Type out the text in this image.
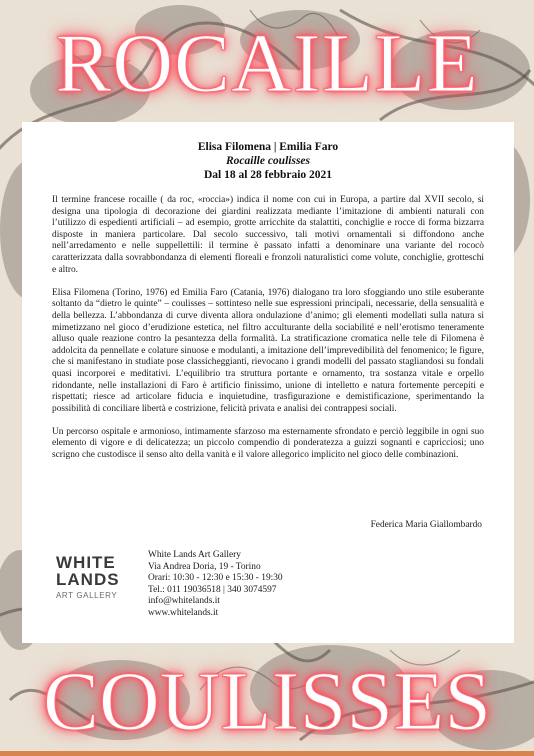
ROCAILLE
Elisa Filomena | Emilia Faro
Rocaille coulisses
Dal 18 al 28 febbraio 2021

Il termine francese rocaille ( da roc, «roccia») indica il nome con cui in Europa, a partire dal XVII secolo, si designa una tipologia di decorazione dei giardini realizzata mediante l’imitazione di ambienti naturali con l’utilizzo di espedienti artificiali – ad esempio, grotte arricchite da stalattiti, conchiglie e rocce di forma bizzarra disposte in maniera particolare. Dal secolo successivo, tali motivi ornamentali si diffondono anche nell’arredamento e nelle suppellettili: il termine è passato infatti a denominare una variante del rococò caratterizzata dalla sovrabbondanza di elementi floreali e fronzoli naturalistici come volute, conchiglie, grotteschi e altro.

Elisa Filomena (Torino, 1976) ed Emilia Faro (Catania, 1976) dialogano tra loro sfoggiando uno stile esuberante soltanto da “dietro le quinte” – coulisses – sottinteso nelle sue espressioni principali, necessarie, della sensualità e della bellezza. L’abbondanza di curve diventa allora ondulazione d’animo; gli elementi modellati sulla natura si mimetizzano nel gioco d’erudizione estetica, nel filtro acculturante della sociabilité e nell’erotismo teneramente alluso quale reazione contro la pesantezza della formalità. La stratificazione cromatica nelle tele di Filomena è addolcita da pennellate e colature sinuose e modulanti, a imitazione dell’imprevedibilità del fenomenico; le figure, che si manifestano in studiate pose classicheggianti, rievocano i grandi modelli del passato stagliandosi su fondali quasi incorporei e meditativi. L’equilibrio tra struttura portante e ornamento, tra sostanza vitale e orpello ridondante, nelle installazioni di Faro è artificio finissimo, unione di intelletto e natura fortemente percepiti e rispettati; riesce ad articolare fiducia e inquietudine, trasfigurazione e demistificazione, sperimentando la possibilità di conciliare libertà e costrizione, felicità privata e analisi dei contrappesi sociali.

Un percorso ospitale e armonioso, intimamente sfarzoso ma esternamente sfrondato e perciò leggibile in ogni suo elemento di vigore e di delicatezza; un piccolo compendio di ponderatezza a guizzi sognanti e capricciosi; uno scrigno che custodisce il senso alto della vanità e il valore allegorico implicito nel gioco delle combinazioni.

Federica Maria Giallombardo
WHITE
LANDS
ART GALLERY
White Lands Art Gallery
Via Andrea Doria, 19 - Torino
Orari: 10:30 - 12:30 e 15:30 - 19:30
Tel.: 011 19036518 | 340 3074597
info@whitelands.it
www.whitelands.it
COULISSES
